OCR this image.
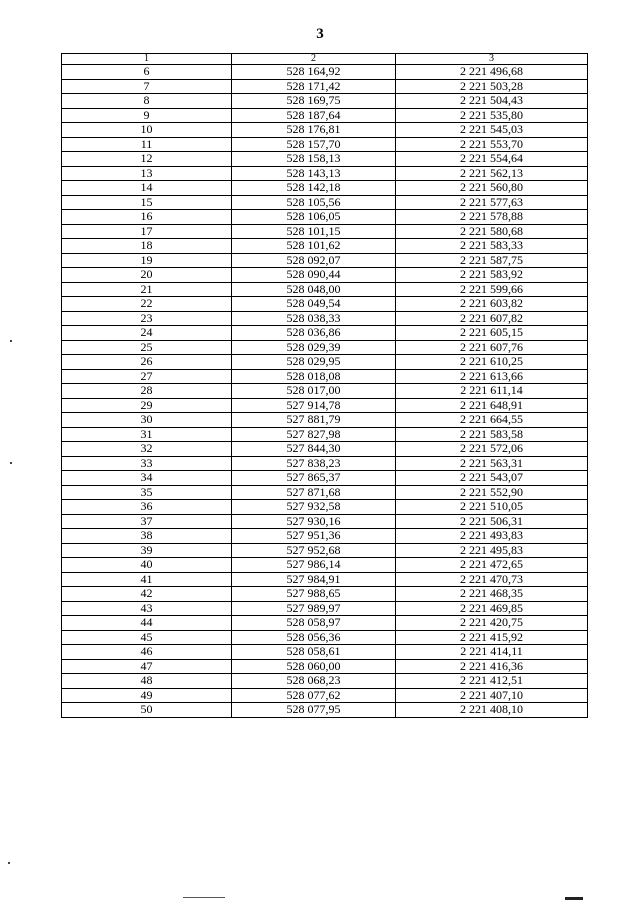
3
1	2	3
6	528 164,92	2 221 496,68
7	528 171,42	2 221 503,28
8	528 169,75	2 221 504,43
9	528 187,64	2 221 535,80
10	528 176,81	2 221 545,03
11	528 157,70	2 221 553,70
12	528 158,13	2 221 554,64
13	528 143,13	2 221 562,13
14	528 142,18	2 221 560,80
15	528 105,56	2 221 577,63
16	528 106,05	2 221 578,88
17	528 101,15	2 221 580,68
18	528 101,62	2 221 583,33
19	528 092,07	2 221 587,75
20	528 090,44	2 221 583,92
21	528 048,00	2 221 599,66
22	528 049,54	2 221 603,82
23	528 038,33	2 221 607,82
24	528 036,86	2 221 605,15
25	528 029,39	2 221 607,76
26	528 029,95	2 221 610,25
27	528 018,08	2 221 613,66
28	528 017,00	2 221 611,14
29	527 914,78	2 221 648,91
30	527 881,79	2 221 664,55
31	527 827,98	2 221 583,58
32	527 844,30	2 221 572,06
33	527 838,23	2 221 563,31
34	527 865,37	2 221 543,07
35	527 871,68	2 221 552,90
36	527 932,58	2 221 510,05
37	527 930,16	2 221 506,31
38	527 951,36	2 221 493,83
39	527 952,68	2 221 495,83
40	527 986,14	2 221 472,65
41	527 984,91	2 221 470,73
42	527 988,65	2 221 468,35
43	527 989,97	2 221 469,85
44	528 058,97	2 221 420,75
45	528 056,36	2 221 415,92
46	528 058,61	2 221 414,11
47	528 060,00	2 221 416,36
48	528 068,23	2 221 412,51
49	528 077,62	2 221 407,10
50	528 077,95	2 221 408,10
